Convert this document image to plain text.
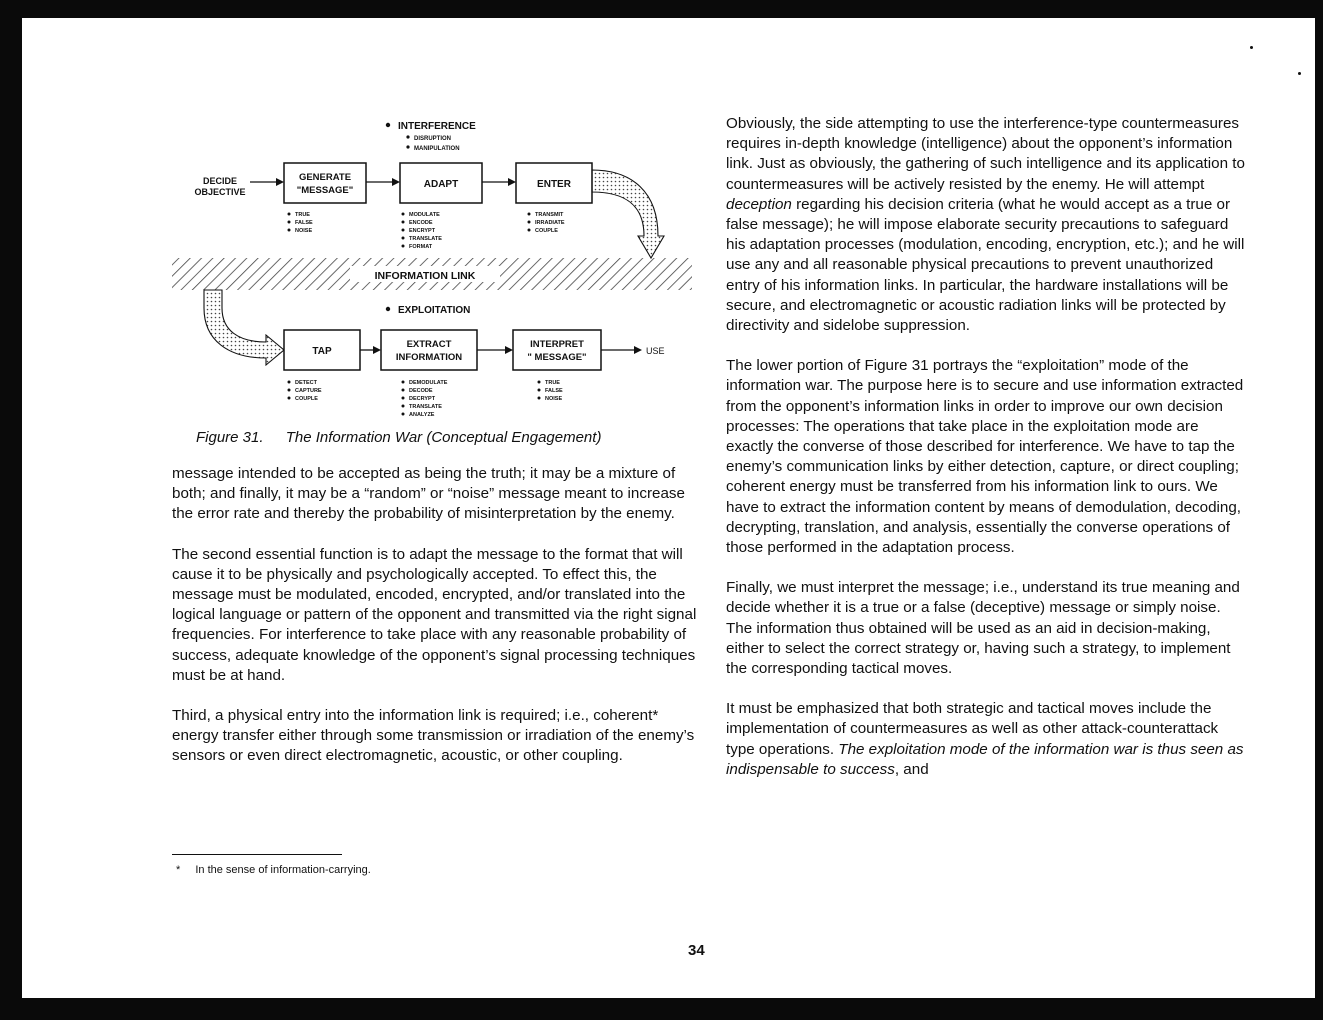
INTERFERENCE
DISRUPTION
MANIPULATION
DECIDE
OBJECTIVE
GENERATE
"MESSAGE"
ADAPT	ENTER
TRUE
FALSE
NOISE
MODULATE
ENCODE
ENCRYPT
TRANSLATE
FORMAT
TRANSMIT
IRRADIATE
COUPLE
INFORMATION LINK
EXPLOITATION
TAP
EXTRACT
INFORMATION
INTERPRET
" MESSAGE"
USE
DETECT
CAPTURE
COUPLE
DEMODULATE
DECODE
DECRYPT
TRANSLATE
ANALYZE
TRUE
FALSE
NOISE
Figure 31. The Information War (Conceptual Engagement)

message intended to be accepted as being the truth; it may be a mixture of both; and finally, it may be a “random” or “noise” message meant to increase the error rate and thereby the probability of misinterpretation by the enemy.

The second essential function is to adapt the message to the format that will cause it to be physically and psychologically accepted. To effect this, the message must be modulated, encoded, encrypted, and/or translated into the logical language or pattern of the opponent and transmitted via the right signal frequencies. For interference to take place with any reasonable probability of success, adequate knowledge of the opponent’s signal processing techniques must be at hand.

Third, a physical entry into the information link is required; i.e., coherent* energy transfer either through some transmission or irradiation of the enemy’s sensors or even direct electromagnetic, acoustic, or other coupling.

* In the sense of information-carrying.

Obviously, the side attempting to use the interference-type countermeasures requires in-depth knowledge (intelligence) about the opponent’s information link. Just as obviously, the gathering of such intelligence and its application to countermeasures will be actively resisted by the enemy. He will attempt deception regarding his decision criteria (what he would accept as a true or false message); he will impose elaborate security precautions to safeguard his adaptation processes (modulation, encoding, encryption, etc.); and he will use any and all reasonable physical precautions to prevent unauthorized entry of his information links. In particular, the hardware installations will be secure, and electromagnetic or acoustic radiation links will be protected by directivity and sidelobe suppression.

The lower portion of Figure 31 portrays the “exploitation” mode of the information war. The purpose here is to secure and use information extracted from the opponent’s information links in order to improve our own decision processes: The operations that take place in the exploitation mode are exactly the converse of those described for interference. We have to tap the enemy’s communication links by either detection, capture, or direct coupling; coherent energy must be transferred from his information link to ours. We have to extract the information content by means of demodulation, decoding, decrypting, translation, and analysis, essentially the converse operations of those performed in the adaptation process.

Finally, we must interpret the message; i.e., understand its true meaning and decide whether it is a true or a false (deceptive) message or simply noise. The information thus obtained will be used as an aid in decision-making, either to select the correct strategy or, having such a strategy, to implement the corresponding tactical moves.

It must be emphasized that both strategic and tactical moves include the implementation of countermeasures as well as other attack-counterattack type operations. The exploitation mode of the information war is thus seen as indispensable to success, and

34
